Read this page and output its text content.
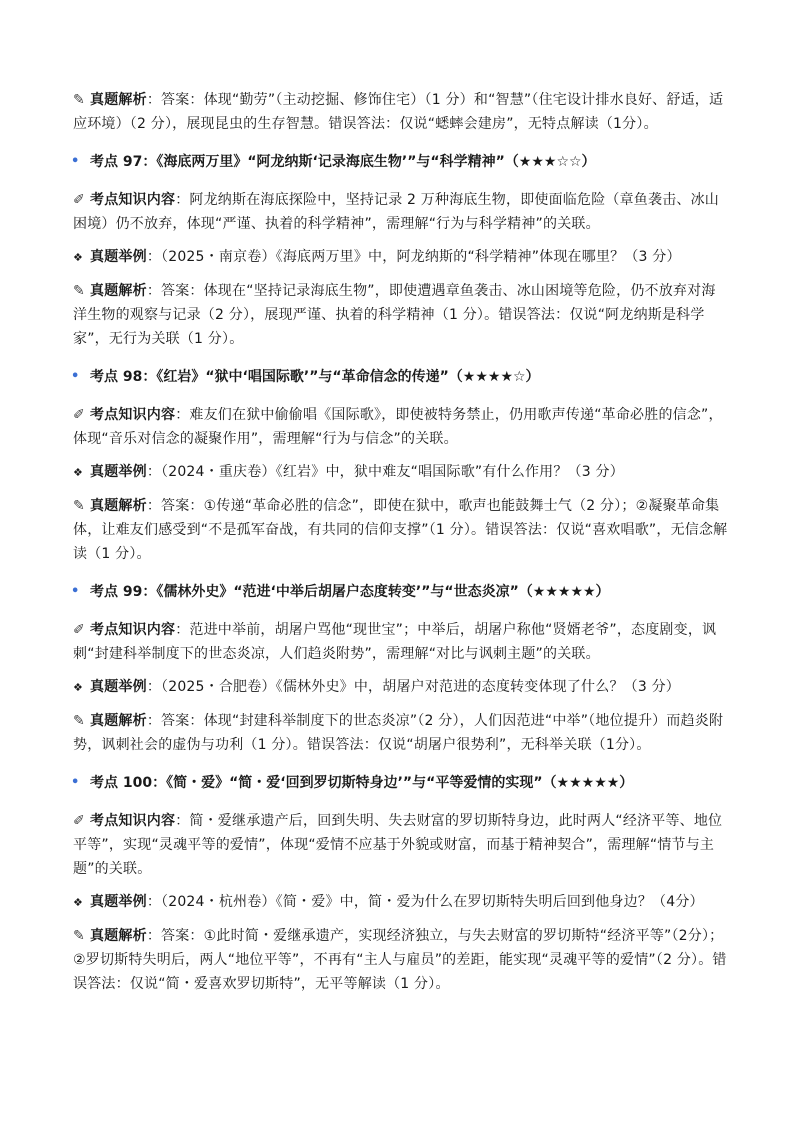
✎ 真题解析：答案：体现“勤劳”（主动挖掘、修饰住宅）（1 分）和“智慧”（住宅设计排水良好、舒适，适应环境）（2 分），展现昆虫的生存智慧。错误答法：仅说“蟋蟀会建房”，无特点解读（1分）。

• 考点 97：《海底两万里》“阿龙纳斯‘记录海底生物’”与“科学精神”（★★★☆☆）

✐ 考点知识内容：阿龙纳斯在海底探险中，坚持记录 2 万种海底生物，即使面临危险（章鱼袭击、冰山困境）仍不放弃，体现“严谨、执着的科学精神”，需理解“行为与科学精神”的关联。

❖ 真题举例：（2025・南京卷）《海底两万里》中，阿龙纳斯的“科学精神”体现在哪里？（3 分）

✎ 真题解析：答案：体现在“坚持记录海底生物”，即使遭遇章鱼袭击、冰山困境等危险，仍不放弃对海洋生物的观察与记录（2 分），展现严谨、执着的科学精神（1 分）。错误答法：仅说“阿龙纳斯是科学家”，无行为关联（1 分）。

• 考点 98：《红岩》“狱中‘唱国际歌’”与“革命信念的传递”（★★★★☆）

✐ 考点知识内容：难友们在狱中偷偷唱《国际歌》，即使被特务禁止，仍用歌声传递“革命必胜的信念”，体现“音乐对信念的凝聚作用”，需理解“行为与信念”的关联。

❖ 真题举例：（2024・重庆卷）《红岩》中，狱中难友“唱国际歌”有什么作用？（3 分）

✎ 真题解析：答案：①传递“革命必胜的信念”，即使在狱中，歌声也能鼓舞士气（2 分）；②凝聚革命集体，让难友们感受到“不是孤军奋战，有共同的信仰支撑”（1 分）。错误答法：仅说“喜欢唱歌”，无信念解读（1 分）。

• 考点 99：《儒林外史》“范进‘中举后胡屠户态度转变’”与“世态炎凉”（★★★★★）

✐ 考点知识内容：范进中举前，胡屠户骂他“现世宝”；中举后，胡屠户称他“贤婿老爷”，态度剧变，讽刺“封建科举制度下的世态炎凉，人们趋炎附势”，需理解“对比与讽刺主题”的关联。

❖ 真题举例：（2025・合肥卷）《儒林外史》中，胡屠户对范进的态度转变体现了什么？（3 分）

✎ 真题解析：答案：体现“封建科举制度下的世态炎凉”（2 分），人们因范进“中举”（地位提升）而趋炎附势，讽刺社会的虚伪与功利（1 分）。错误答法：仅说“胡屠户很势利”，无科举关联（1分）。

• 考点 100：《简・爱》“简・爱‘回到罗切斯特身边’”与“平等爱情的实现”（★★★★★）

✐ 考点知识内容：简・爱继承遗产后，回到失明、失去财富的罗切斯特身边，此时两人“经济平等、地位平等”，实现“灵魂平等的爱情”，体现“爱情不应基于外貌或财富，而基于精神契合”，需理解“情节与主题”的关联。

❖ 真题举例：（2024・杭州卷）《简・爱》中，简・爱为什么在罗切斯特失明后回到他身边？（4分）

✎ 真题解析：答案：①此时简・爱继承遗产，实现经济独立，与失去财富的罗切斯特“经济平等”（2分）；②罗切斯特失明后，两人“地位平等”，不再有“主人与雇员”的差距，能实现“灵魂平等的爱情”（2 分）。错误答法：仅说“简・爱喜欢罗切斯特”，无平等解读（1 分）。
